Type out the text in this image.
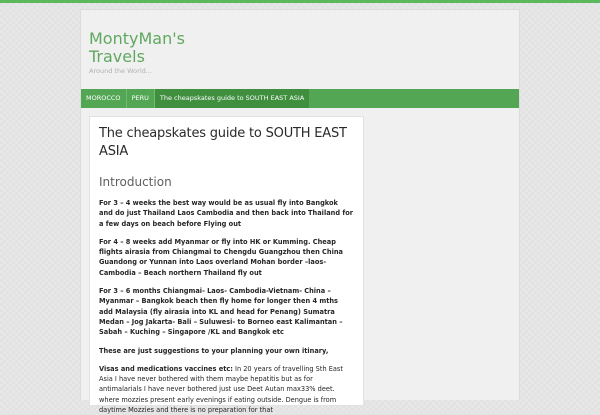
MontyMan's Travels
Around the World...
MOROCCO	PERU	The cheapskates guide to SOUTH EAST ASIA
The cheapskates guide to SOUTH EAST ASIA
Introduction

For 3 – 4 weeks the best way would be as usual fly into Bangkok and do just Thailand Laos Cambodia and then back into Thailand for a few days on beach before Flying out

For 4 – 8 weeks add Myanmar or fly into HK or Kumming. Cheap flights airasia from Chiangmai to Chengdu Guangzhou then China Guandong or Yunnan into Laos overland Mohan border –laos- Cambodia – Beach northern Thailand fly out

For 3 – 6 months Chiangmai- Laos- Cambodia-Vietnam- China – Myanmar – Bangkok beach then fly home for longer then 4 mths add Malaysia (fly airasia into KL and head for Penang) Sumatra Medan – Jog Jakarta- Bali – Suluwesi- to Borneo east Kalimantan – Sabah – Kuching – Singapore /KL and Bangkok etc

These are just suggestions to your planning your own itinary,

Visas and medications vaccines etc: In 20 years of travelling Sth East Asia I have never bothered with them maybe hepatitis but as for antimalarials I have never bothered just use Deet Autan max33% deet. where mozzies present early evenings if eating outside. Dengue is from daytime Mozzies and there is no preparation for that
